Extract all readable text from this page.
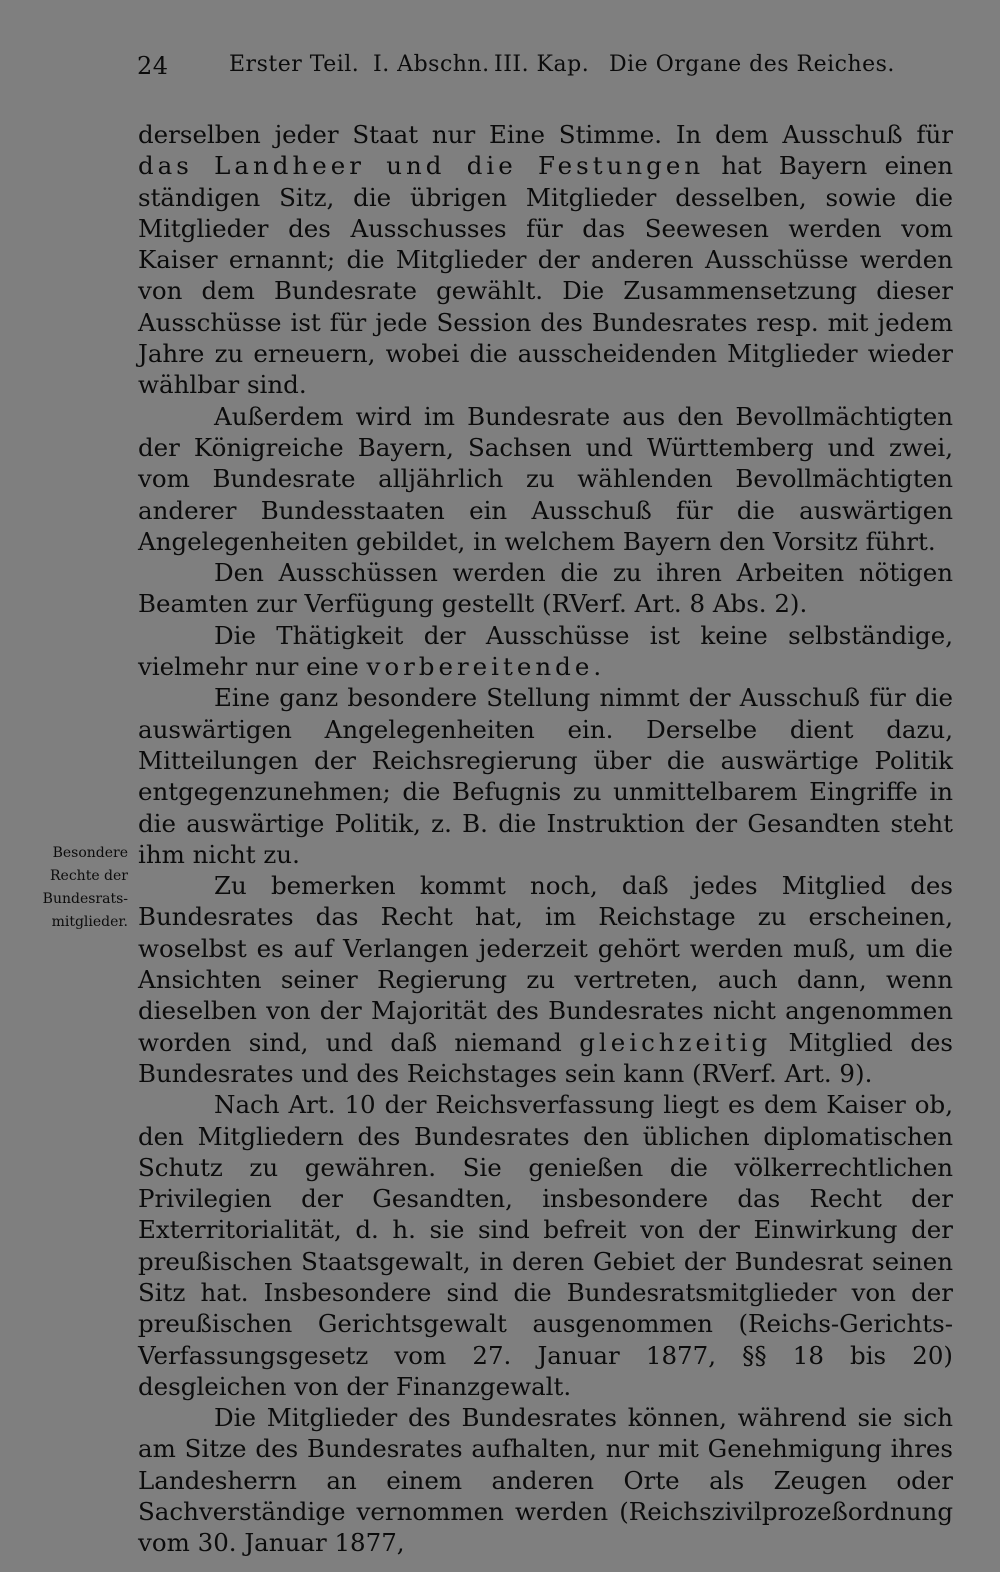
24	Erster Teil. I. Abschn. III. Kap. Die Organe des Reiches.
Besondere
Rechte der
Bundesrats-
mitglieder.

derselben jeder Staat nur Eine Stimme. In dem Ausschuß für das Landheer und die Festungen hat Bayern einen ständigen Sitz, die übrigen Mitglieder desselben, sowie die Mitglieder des Ausschusses für das Seewesen werden vom Kaiser ernannt; die Mitglieder der anderen Ausschüsse werden von dem Bundesrate gewählt. Die Zusammensetzung dieser Ausschüsse ist für jede Session des Bundesrates resp. mit jedem Jahre zu erneuern, wobei die ausscheidenden Mitglieder wieder wählbar sind.

Außerdem wird im Bundesrate aus den Bevollmächtigten der Königreiche Bayern, Sachsen und Württemberg und zwei, vom Bundesrate alljährlich zu wählenden Bevollmächtigten anderer Bundesstaaten ein Ausschuß für die auswärtigen Angelegenheiten gebildet, in welchem Bayern den Vorsitz führt.

Den Ausschüssen werden die zu ihren Arbeiten nötigen Beamten zur Verfügung gestellt (RVerf. Art. 8 Abs. 2).

Die Thätigkeit der Ausschüsse ist keine selbständige, vielmehr nur eine vorbereitende.

Eine ganz besondere Stellung nimmt der Ausschuß für die auswärtigen Angelegenheiten ein. Derselbe dient dazu, Mitteilungen der Reichsregierung über die auswärtige Politik entgegenzunehmen; die Befugnis zu unmittelbarem Eingriffe in die auswärtige Politik, z. B. die Instruktion der Gesandten steht ihm nicht zu.

Zu bemerken kommt noch, daß jedes Mitglied des Bundesrates das Recht hat, im Reichstage zu erscheinen, woselbst es auf Verlangen jederzeit gehört werden muß, um die Ansichten seiner Regierung zu vertreten, auch dann, wenn dieselben von der Majorität des Bundesrates nicht angenommen worden sind, und daß niemand gleichzeitig Mitglied des Bundesrates und des Reichstages sein kann (RVerf. Art. 9).

Nach Art. 10 der Reichsverfassung liegt es dem Kaiser ob, den Mitgliedern des Bundesrates den üblichen diplomatischen Schutz zu gewähren. Sie genießen die völkerrechtlichen Privilegien der Gesandten, insbesondere das Recht der Exterritorialität, d. h. sie sind befreit von der Einwirkung der preußischen Staatsgewalt, in deren Gebiet der Bundesrat seinen Sitz hat. Insbesondere sind die Bundesratsmitglieder von der preußischen Gerichtsgewalt ausgenommen (Reichs-Gerichts-Verfassungsgesetz vom 27. Januar 1877, §§ 18 bis 20) desgleichen von der Finanzgewalt.

Die Mitglieder des Bundesrates können, während sie sich am Sitze des Bundesrates aufhalten, nur mit Genehmigung ihres Landesherrn an einem anderen Orte als Zeugen oder Sachverständige vernommen werden (Reichszivilprozeßordnung vom 30. Januar 1877,
